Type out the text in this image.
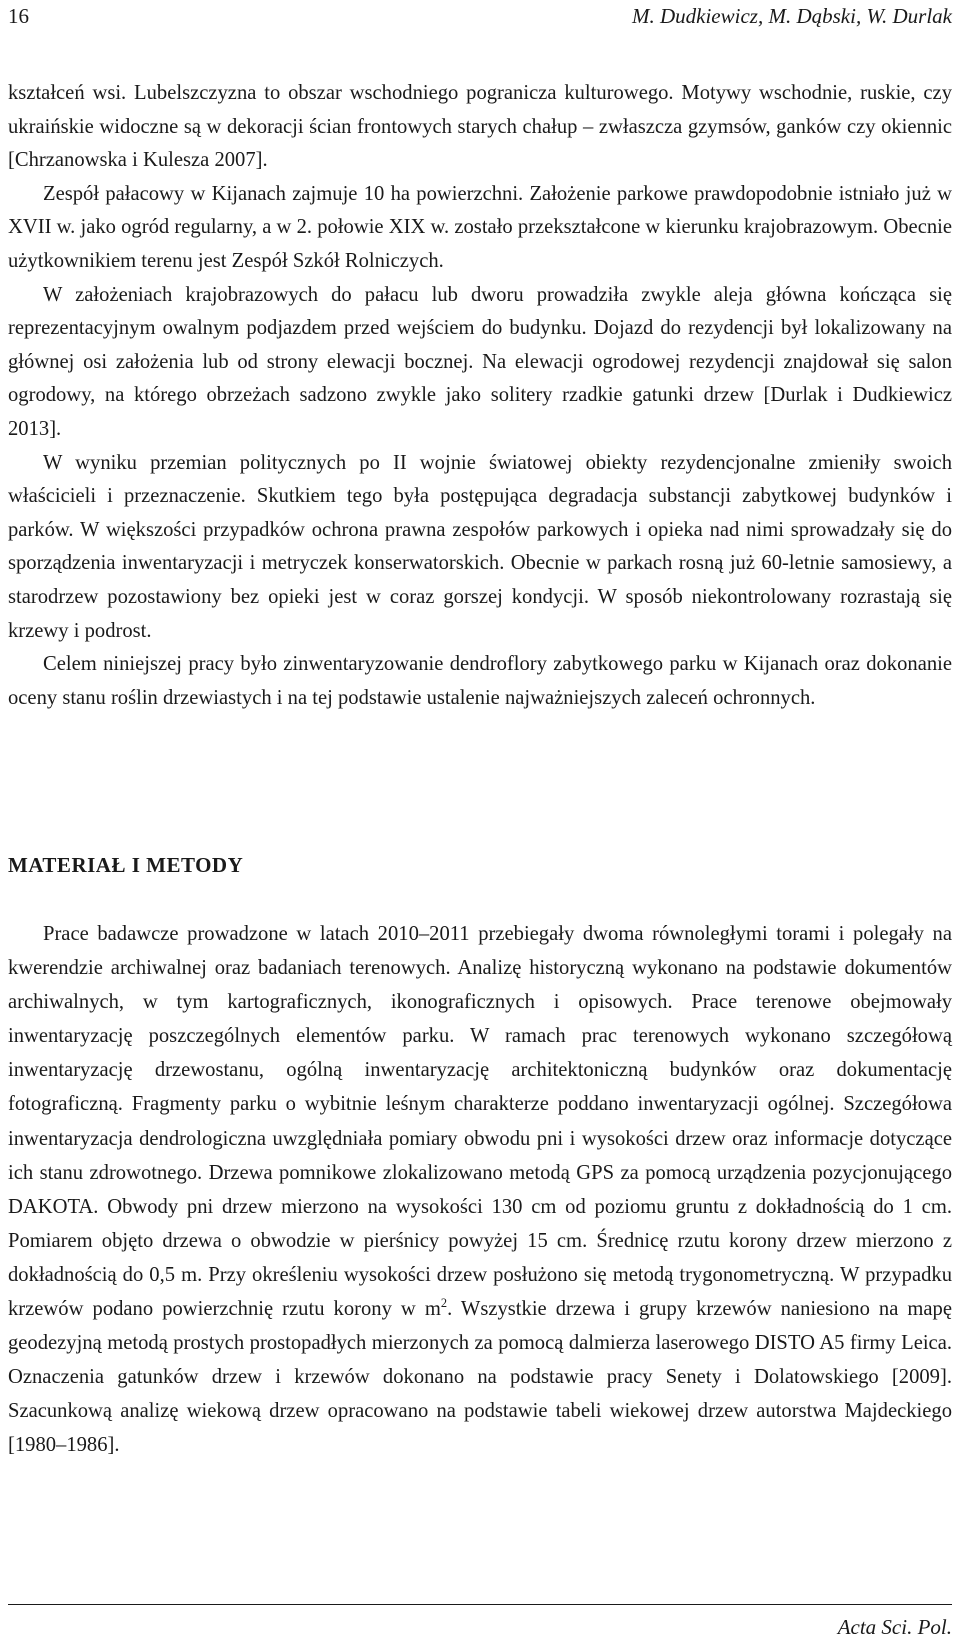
16	M. Dudkiewicz, M. Dąbski, W. Durlak

kształceń wsi. Lubelszczyzna to obszar wschodniego pogranicza kulturowego. Motywy wschodnie, ruskie, czy ukraińskie widoczne są w dekoracji ścian frontowych starych chałup – zwłaszcza gzymsów, ganków czy okiennic [Chrzanowska i Kulesza 2007].

Zespół pałacowy w Kijanach zajmuje 10 ha powierzchni. Założenie parkowe prawdopodobnie istniało już w XVII w. jako ogród regularny, a w 2. połowie XIX w. zostało przekształcone w kierunku krajobrazowym. Obecnie użytkownikiem terenu jest Zespół Szkół Rolniczych.

W założeniach krajobrazowych do pałacu lub dworu prowadziła zwykle aleja główna kończąca się reprezentacyjnym owalnym podjazdem przed wejściem do budynku. Dojazd do rezydencji był lokalizowany na głównej osi założenia lub od strony elewacji bocznej. Na elewacji ogrodowej rezydencji znajdował się salon ogrodowy, na którego obrzeżach sadzono zwykle jako solitery rzadkie gatunki drzew [Durlak i Dudkiewicz 2013].

W wyniku przemian politycznych po II wojnie światowej obiekty rezydencjonalne zmieniły swoich właścicieli i przeznaczenie. Skutkiem tego była postępująca degradacja substancji zabytkowej budynków i parków. W większości przypadków ochrona prawna zespołów parkowych i opieka nad nimi sprowadzały się do sporządzenia inwentaryzacji i metryczek konserwatorskich. Obecnie w parkach rosną już 60-letnie samosiewy, a starodrzew pozostawiony bez opieki jest w coraz gorszej kondycji. W sposób niekontrolowany rozrastają się krzewy i podrost.

Celem niniejszej pracy było zinwentaryzowanie dendroflory zabytkowego parku w Kijanach oraz dokonanie oceny stanu roślin drzewiastych i na tej podstawie ustalenie najważniejszych zaleceń ochronnych.

MATERIAŁ I METODY

Prace badawcze prowadzone w latach 2010–2011 przebiegały dwoma równoległymi torami i polegały na kwerendzie archiwalnej oraz badaniach terenowych. Analizę historyczną wykonano na podstawie dokumentów archiwalnych, w tym kartograficznych, ikonograficznych i opisowych. Prace terenowe obejmowały inwentaryzację poszczególnych elementów parku. W ramach prac terenowych wykonano szczegółową inwentaryzację drzewostanu, ogólną inwentaryzację architektoniczną budynków oraz dokumentację fotograficzną. Fragmenty parku o wybitnie leśnym charakterze poddano inwentaryzacji ogólnej. Szczegółowa inwentaryzacja dendrologiczna uwzględniała pomiary obwodu pni i wysokości drzew oraz informacje dotyczące ich stanu zdrowotnego. Drzewa pomnikowe zlokalizowano metodą GPS za pomocą urządzenia pozycjonującego DAKOTA. Obwody pni drzew mierzono na wysokości 130 cm od poziomu gruntu z dokładnością do 1 cm. Pomiarem objęto drzewa o obwodzie w pierśnicy powyżej 15 cm. Średnicę rzutu korony drzew mierzono z dokładnością do 0,5 m. Przy określeniu wysokości drzew posłużono się metodą trygonometryczną. W przypadku krzewów podano powierzchnię rzutu korony w $m^2$. Wszystkie drzewa i grupy krzewów naniesiono na mapę geodezyjną metodą prostych prostopadłych mierzonych za pomocą dalmierza laserowego DISTO A5 firmy Leica. Oznaczenia gatunków drzew i krzewów dokonano na podstawie pracy Senety i Dolatowskiego [2009]. Szacunkową analizę wiekową drzew opracowano na podstawie tabeli wiekowej drzew autorstwa Majdeckiego [1980–1986].

Acta Sci. Pol.
